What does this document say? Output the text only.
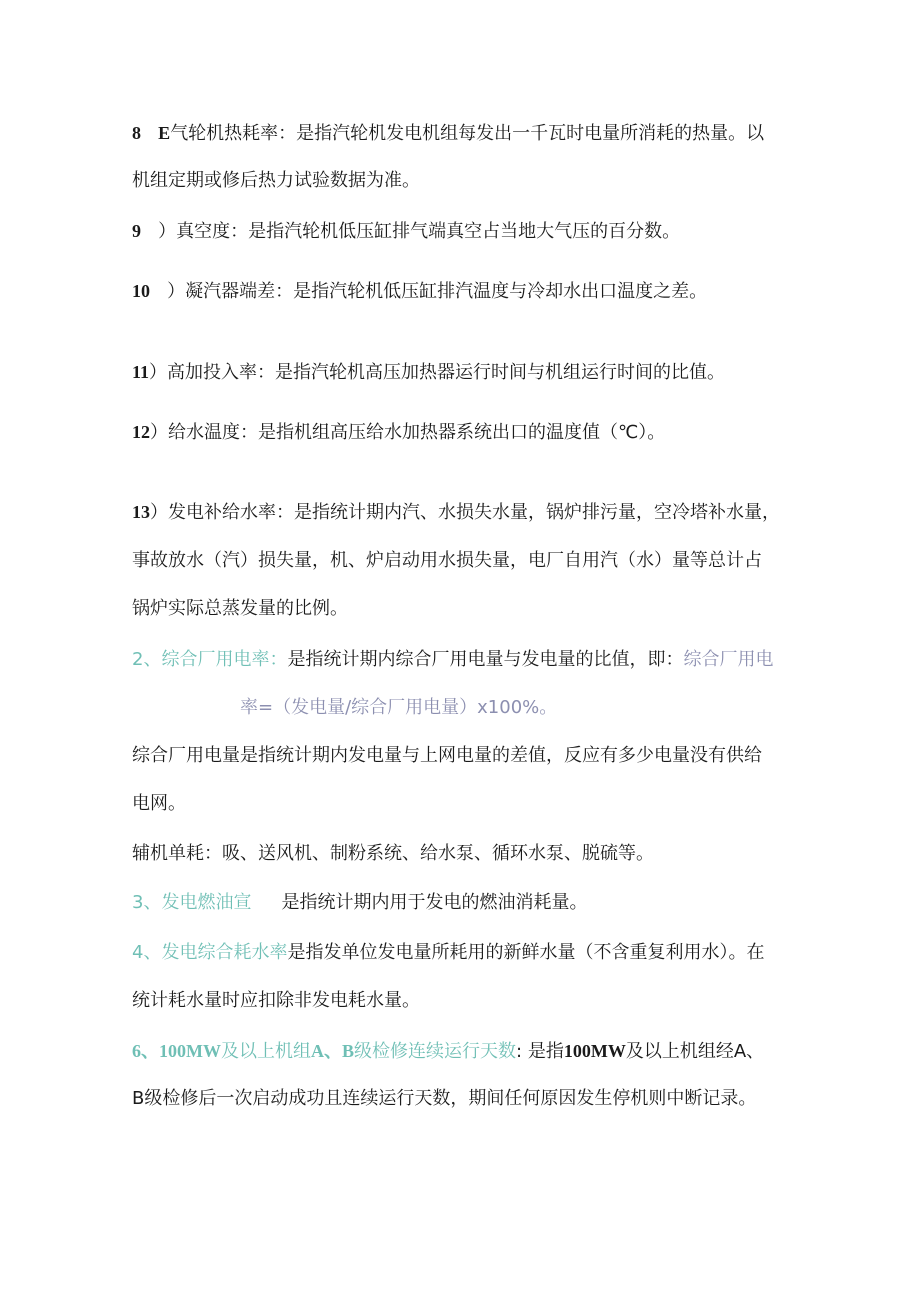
8 E气轮机热耗率：是指汽轮机发电机组每发出一千瓦时电量所消耗的热量。以

机组定期或修后热力试验数据为准。

9 ）真空度：是指汽轮机低压缸排气端真空占当地大气压的百分数。

10 ）凝汽器端差：是指汽轮机低压缸排汽温度与冷却水出口温度之差。

11）高加投入率：是指汽轮机高压加热器运行时间与机组运行时间的比值。

12）给水温度：是指机组高压给水加热器系统出口的温度值（℃）。

13）发电补给水率：是指统计期内汽、水损失水量，锅炉排污量，空冷塔补水量，

事故放水（汽）损失量，机、炉启动用水损失量，电厂自用汽（水）量等总计占

锅炉实际总蒸发量的比例。

2、综合厂用电率：是指统计期内综合厂用电量与发电量的比值，即：综合厂用电

率=（发电量/综合厂用电量）x100%。

综合厂用电量是指统计期内发电量与上网电量的差值，反应有多少电量没有供给

电网。

辅机单耗：吸、送风机、制粉系统、给水泵、循环水泵、脱硫等。

3、发电燃油宣 是指统计期内用于发电的燃油消耗量。

4、发电综合耗水率是指发单位发电量所耗用的新鲜水量（不含重复利用水）。在

统计耗水量时应扣除非发电耗水量。

6、100MW及以上机组A、B级检修连续运行天数: 是指100MW及以上机组经A、

B级检修后一次启动成功且连续运行天数，期间任何原因发生停机则中断记录。
